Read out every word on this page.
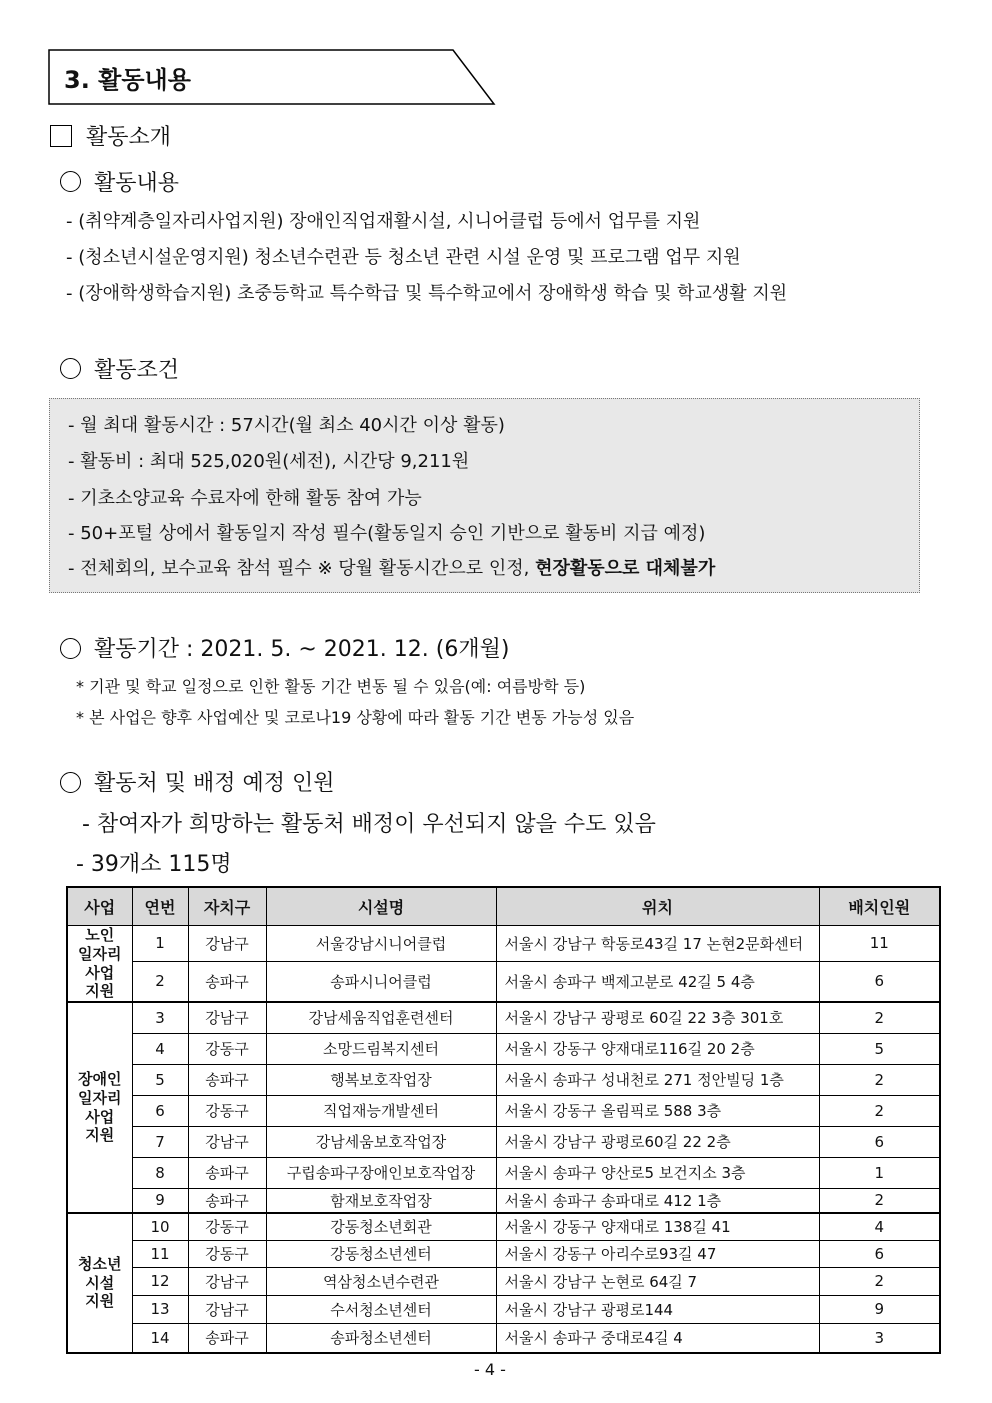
3. 활동내용
활동소개
활동내용
- (취약계층일자리사업지원) 장애인직업재활시설, 시니어클럽 등에서 업무를 지원
- (청소년시설운영지원) 청소년수련관 등 청소년 관련 시설 운영 및 프로그램 업무 지원
- (장애학생학습지원) 초중등학교 특수학급 및 특수학교에서 장애학생 학습 및 학교생활 지원
활동조건
- 월 최대 활동시간 : 57시간(월 최소 40시간 이상 활동)
- 활동비 : 최대 525,020원(세전), 시간당 9,211원
- 기초소양교육 수료자에 한해 활동 참여 가능
- 50+포털 상에서 활동일지 작성 필수(활동일지 승인 기반으로 활동비 지급 예정)
- 전체회의, 보수교육 참석 필수 ※ 당월 활동시간으로 인정, 현장활동으로 대체불가
활동기간 : 2021. 5. ~ 2021. 12. (6개월)
* 기관 및 학교 일정으로 인한 활동 기간 변동 될 수 있음(예: 여름방학 등)
* 본 사업은 향후 사업예산 및 코로나19 상황에 따라 활동 기간 변동 가능성 있음
활동처 및 배정 예정 인원
- 참여자가 희망하는 활동처 배정이 우선되지 않을 수도 있음
- 39개소 115명
사업	연번	자치구	시설명	위치	배치인원

노인
일자리
사업
지원	1	강남구	서울강남시니어클럽	서울시 강남구 학동로43길 17 논현2문화센터	11
	2	송파구	송파시니어클럽	서울시 송파구 백제고분로 42길 5 4층	6

장애인
일자리
사업
지원	3	강남구	강남세움직업훈련센터	서울시 강남구 광평로 60길 22 3층 301호	2
	4	강동구	소망드림복지센터	서울시 강동구 양재대로116길 20 2층	5
	5	송파구	행복보호작업장	서울시 송파구 성내천로 271 정안빌딩 1층	2
	6	강동구	직업재능개발센터	서울시 강동구 올림픽로 588 3층	2
	7	강남구	강남세움보호작업장	서울시 강남구 광평로60길 22 2층	6
	8	송파구	구립송파구장애인보호작업장	서울시 송파구 양산로5 보건지소 3층	1
	9	송파구	함재보호작업장	서울시 송파구 송파대로 412 1층	2

청소년
시설
지원	10	강동구	강동청소년회관	서울시 강동구 양재대로 138길 41	4
	11	강동구	강동청소년센터	서울시 강동구 아리수로93길 47	6
	12	강남구	역삼청소년수련관	서울시 강남구 논현로 64길 7	2
	13	강남구	수서청소년센터	서울시 강남구 광평로144	9
	14	송파구	송파청소년센터	서울시 송파구 중대로4길 4	3
- 4 -
